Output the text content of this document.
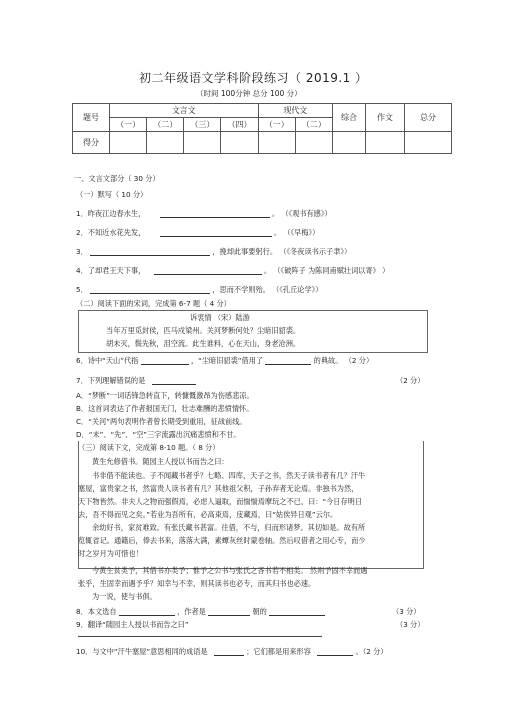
初二年级语文学科阶段练习（ 2019.1 ）
（时间 100分钟 总分 100 分）
题号	文言文				现代文		综合	作文	总分
	（一）	（二）	（三）	（四）	（一）	（二）			
得分									
一、文言文部分（ 30 分）
（一）默写（ 10 分）
1．昨夜江边春水生，	。 （《观书有感》）
2．不知近水花先发，	。 （《早梅》）
3．	，挽却此事要躬行。 （《冬夜读书示子聿》）
4．了却君王天下事，	。 （《破阵子 为陈同甫赋壮词以寄》 ）
5．	，思而不学则殆。 （《孔丘论学》）
（二）阅读下面的宋词，完成第 6-7 题（ 4 分）
诉衷情 （宋）陆游
当年万里觅封侯，匹马戍梁州。关河梦断何处？尘暗旧貂裘。
胡未灭，鬓先秋，泪空流。此生谁料，心在天山，身老沧洲。
6．诗中“天山”代指	，“尘暗旧貂裘”借用了	的典故。 （2 分）
7．下列理解错误的是	（2 分）
A．“梦断”一词话锋急转直下，转慷慨激昂为伤感悲凉。
B．这首词表达了作者报国无门，壮志难酬的悲愤情怀。
C．“关河”两句表明作者曾长期受到重用，征战前线。
D．“未”、“先”、“空”三字流露出沉痛悲愤和不甘。
（三）阅读下文，完成第 8-10 题。（ 8 分）
黄生允修借书。随园主人授以书而告之曰：
书非借不能读也。子不闻藏书者乎？七略、四库，天子之书，然天子读书者有几？汗牛
塞屋，富贵家之书，然富贵人读书者有几？其他祖父积，子孙弃者无论焉。非独书为然，
天下物皆然。非夫人之物而强假焉，必虑人逼取，而惴惴焉摩玩之不已，曰：“今日存明日
去，吾不得而见之矣。”若业为吾所有，必高束焉，庋藏焉，曰“姑俟异日观”云尔。
余幼好书，家贫难致。有张氏藏书甚富。往借，不与，归而形诸梦。其切如是。故有所
览辄省记。通籍后，俸去书来，落落大满，素蟫灰丝时蒙卷轴。然后叹借者之用心专，而少
时之岁月为可惜也！
今黄生贫类予，其借书亦类予；惟予之公书与张氏之吝书若不相类。 然则予固不幸而遇
张乎，生固幸而遇予乎？知幸与不幸，则其读书也必专，而其归书也必速。
为一说，使与书俱。
8．本文选自	，作者是	朝的	（3 分）
9．翻译“随园主人授以书而告之曰”	（3 分）
10．与文中“汗牛塞屋”意思相同的成语是	；它们都是用来形容	。（2 分）
